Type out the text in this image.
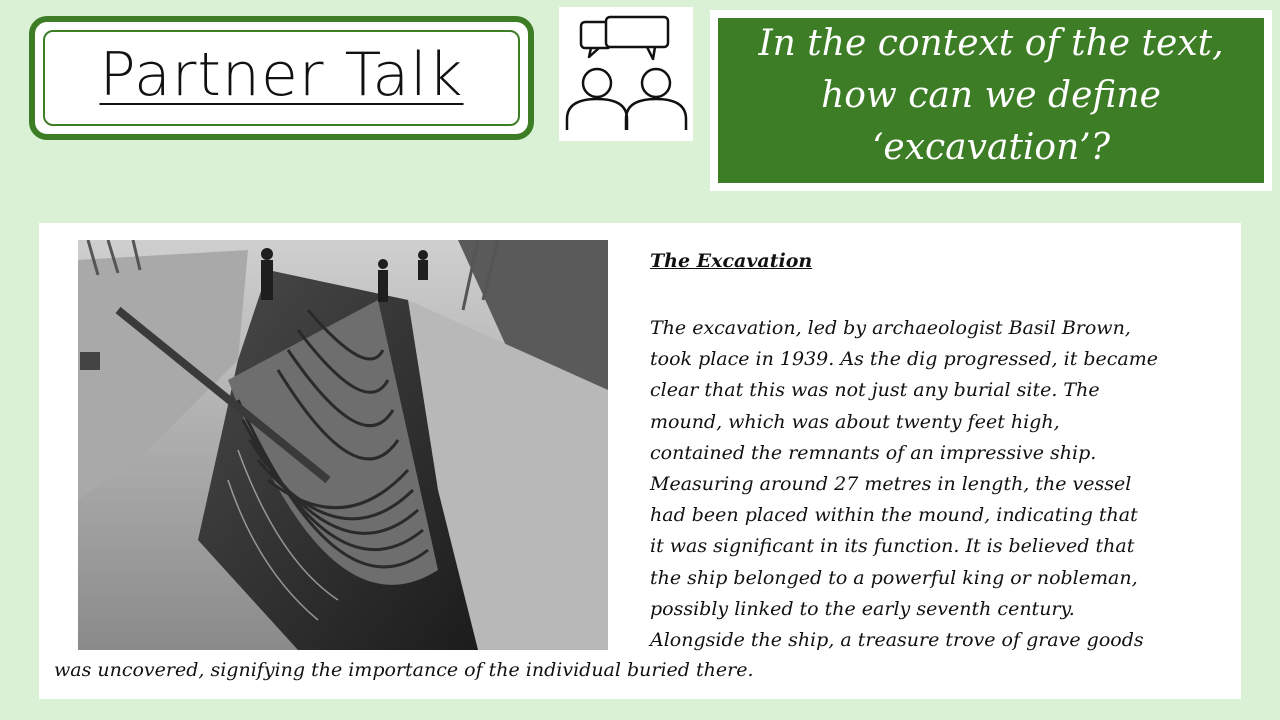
Partner Talk	In the context of the text,
how can we define
‘excavation’?
The Excavation
The excavation, led by archaeologist Basil Brown,
took place in 1939. As the dig progressed, it became
clear that this was not just any burial site. The
mound, which was about twenty feet high,
contained the remnants of an impressive ship.
Measuring around 27 metres in length, the vessel
had been placed within the mound, indicating that
it was significant in its function. It is believed that
the ship belonged to a powerful king or nobleman,
possibly linked to the early seventh century.
Alongside the ship, a treasure trove of grave goods
was uncovered, signifying the importance of the individual buried there.
